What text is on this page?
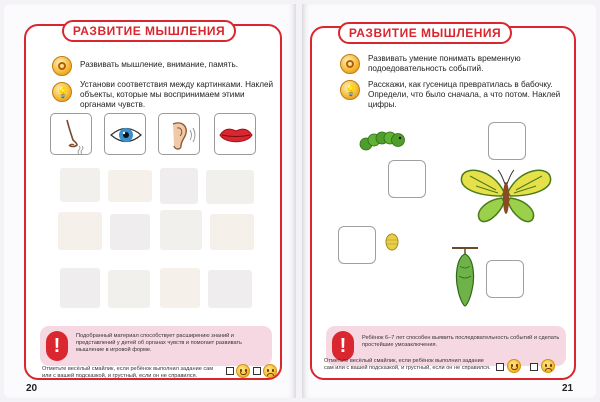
РАЗВИТИЕ МЫШЛЕНИЯ
Развивать мышление, внимание, память.
💡
Установи соответствия между картинками. Наклей объекты, которые мы воспринимаем этими органами чувств.
!	Подобранный материал способствует расширению знаний и представлений у детей об органах чувств и помогает развивать мышление в игровой форме.
Отметьте весёлый смайлик, если ребёнок выполнил задание сам или с вашей подсказкой, и грустный, если он не справился.
20
РАЗВИТИЕ МЫШЛЕНИЯ
Развивать умение понимать временную подоедовательность событий.
💡
Расскажи, как гусеница превратилась в бабочку. Определи, что было сначала, а что потом. Наклей цифры.
!	Ребёнок 6–7 лет способен выявить последовательность событий и сделать простейшие умозаключения.
Отметьте весёлый смайлик, если ребёнок выполнил задание сам или с вашей подсказкой, и грустный, если он не справился.
21
